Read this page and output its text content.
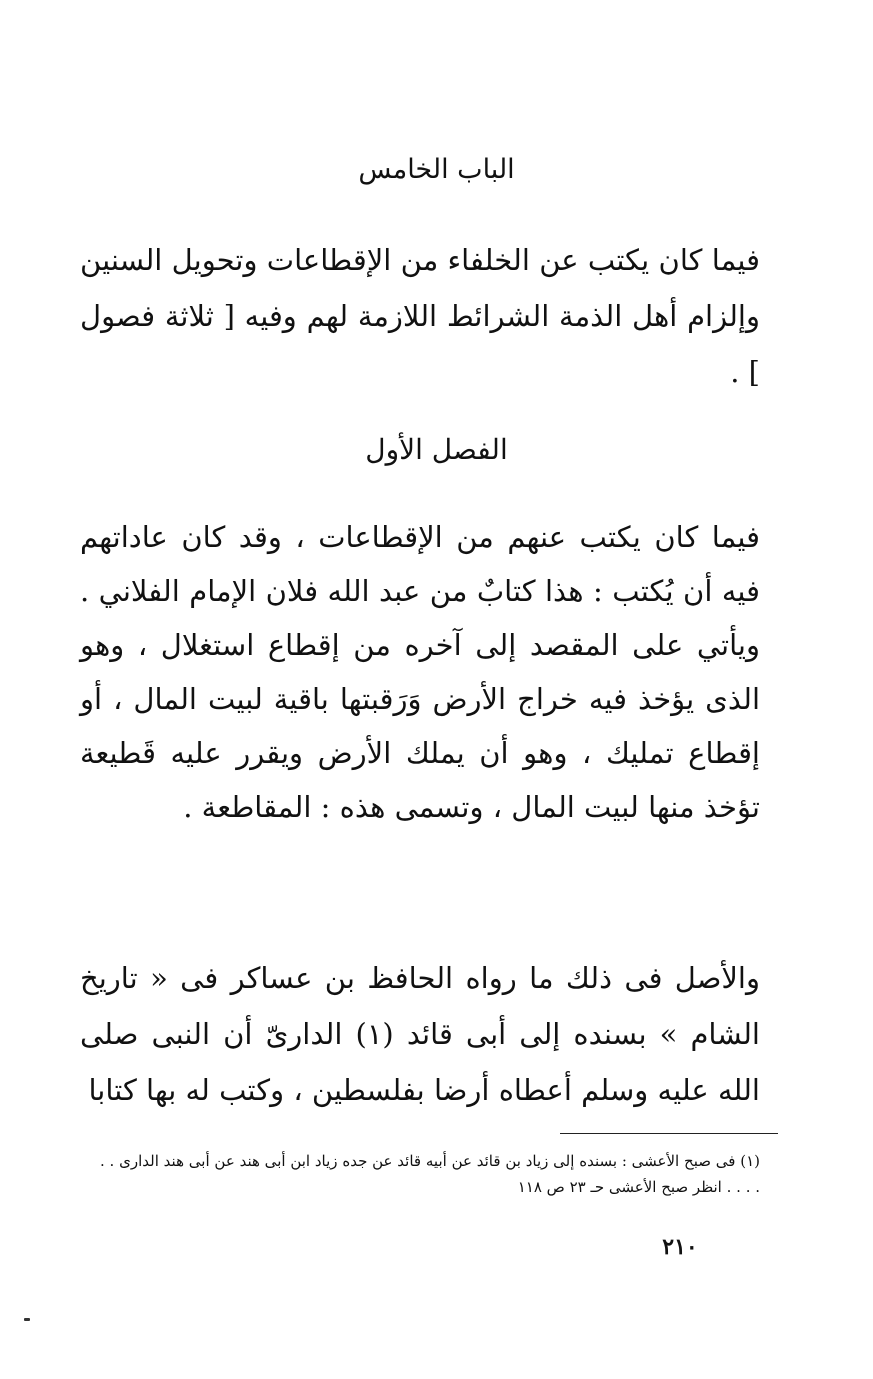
الباب الخامس
فيما كان يكتب عن الخلفاء من الإقطاعات وتحويل السنين وإلزام أهل الذمة الشرائط اللازمة لهم وفيه [ ثلاثة فصول ] .
الفصل الأول
فيما كان يكتب عنهم من الإقطاعات ، وقد كان عاداتهم فيه أن يُكتب : هذا كتابٌ من عبد الله فلان الإمام الفلاني . ويأتي على المقصد إلى آخره من إقطاع استغلال ، وهو الذى يؤخذ فيه خراج الأرض وَرَقبتها باقية لبيت المال ، أو إقطاع تمليك ، وهو أن يملك الأرض ويقرر عليه قَطيعة تؤخذ منها لبيت المال ، وتسمى هذه : المقاطعة .
والأصل فى ذلك ما رواه الحافظ بن عساكر فى « تاريخ الشام » بسنده إلى أبى قائد (١) الدارىّ أن النبى صلى الله عليه وسلم أعطاه أرضا بفلسطين ، وكتب له بها كتابا
(١) فى صبح الأعشى : بسنده إلى زياد بن قائد عن أبيه قائد عن جده زياد ابن أبى هند عن أبى هند الدارى . . . . . . انظر صبح الأعشى حـ ٢٣ ص ١١٨
٢١٠
